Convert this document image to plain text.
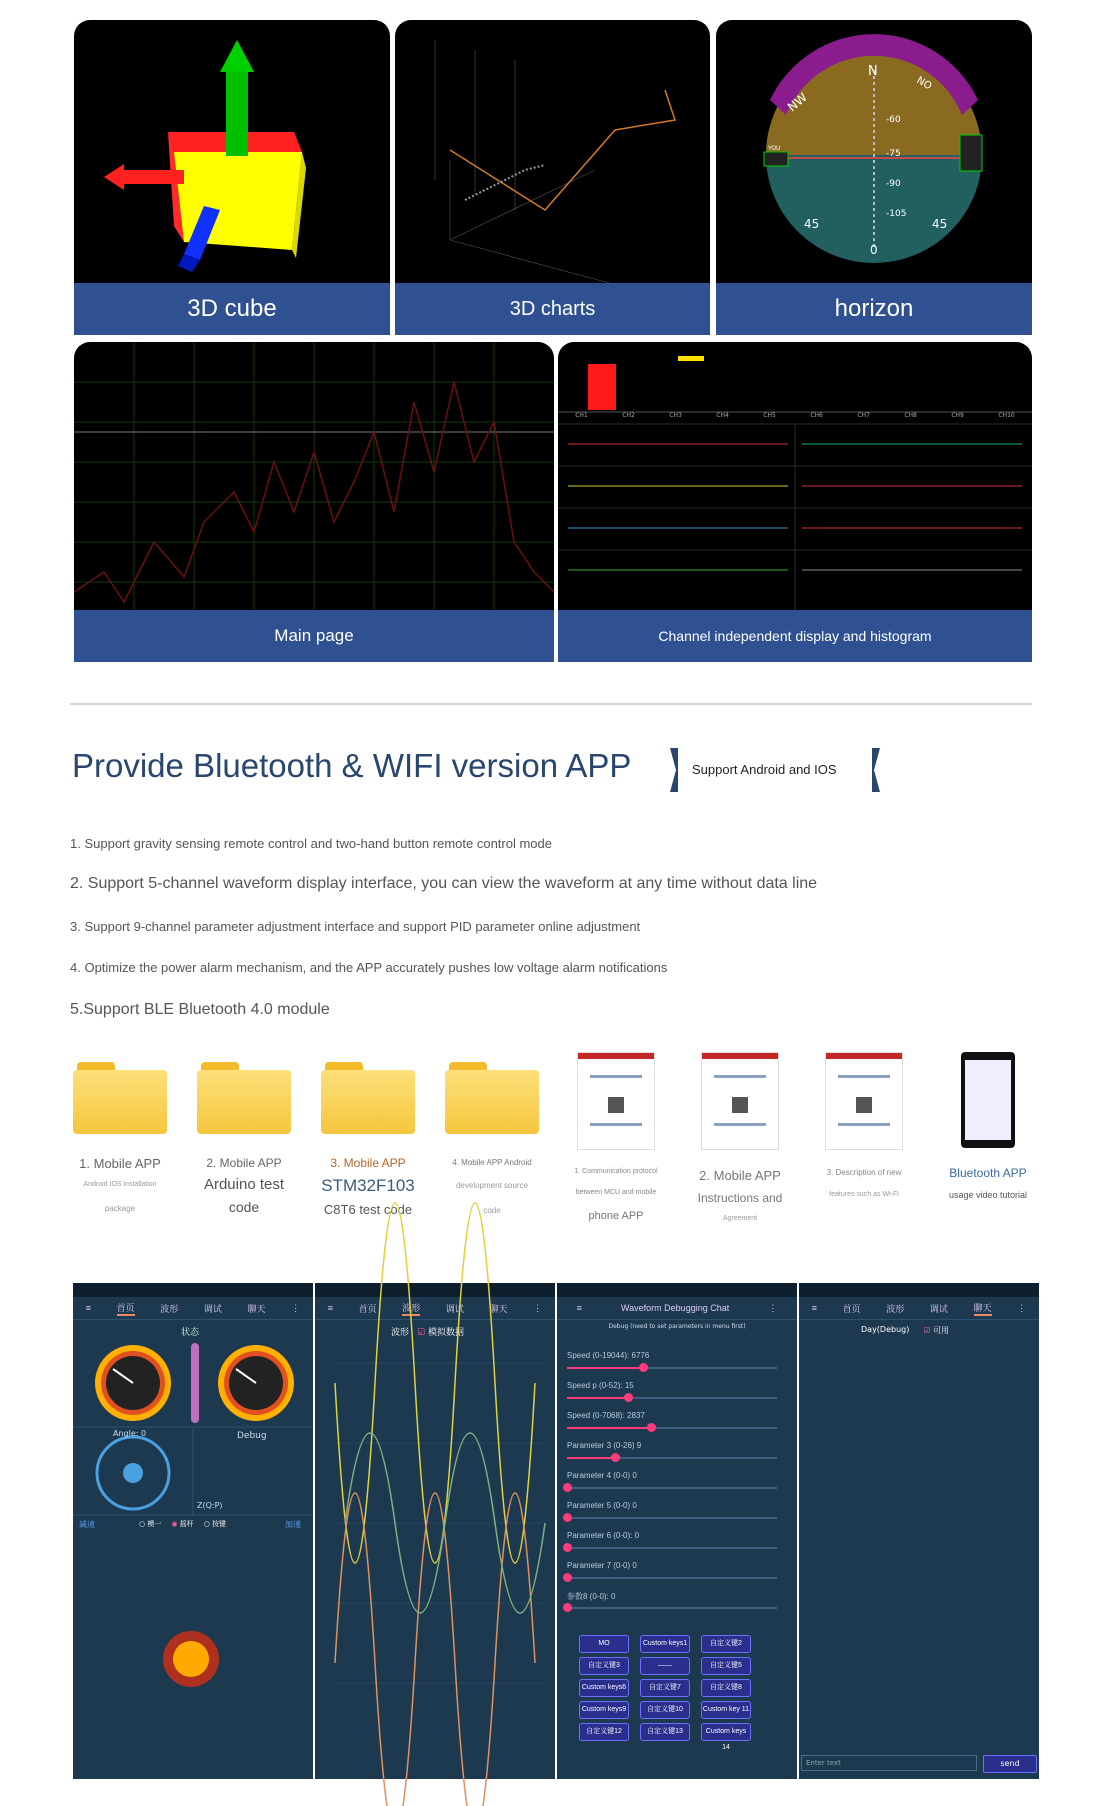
3D cube	3D charts
N
NW
NO
YOU
-60
-75
-90
-105
45
0
45
horizon
Main page
CH1	CH2	CH3	CH4	CH5	CH6	CH7	CH8	CH9	CH10
Channel independent display and histogram
Provide Bluetooth & WIFI version APP	Support Android and IOS
1. Support gravity sensing remote control and two-hand button remote control mode
2. Support 5-channel waveform display interface, you can view the waveform at any time without data line
3. Support 9-channel parameter adjustment interface and support PID parameter online adjustment
4. Optimize the power alarm mechanism, and the APP accurately pushes low voltage alarm notifications
5.Support BLE Bluetooth 4.0 module
1. Mobile APP
Android IOS installation
package
2. Mobile APP
Arduino test
code
3. Mobile APP
STM32F103
C8T6 test code
4. Mobile APP Android
development source
code
1. Communication protocol
between MCU and mobile
phone APP
2. Mobile APP
Instructions and
Agreement
3. Description of new
features such as Wi-Fi
Bluetooth APP
usage video tutorial
≡	首页	波形	调试	聊天	⋮
状态
Angle: 0	Debug
Z(Q:P)
减速	加速
○ 模一 ◉ 摇杆 ○ 按键
≡	首页	波形	调试	聊天	⋮
波形 ☑ 模拟数据
≡	Waveform Debugging Chat	⋮
Debug (need to set parameters in menu first)
Speed (0-19044): 6776
Speed p (0-52): 15
Speed (0-7068): 2837
Parameter 3 (0-26) 9
Parameter 4 (0-0) 0
Parameter 5 (0-0) 0
Parameter 6 (0-0): 0
Parameter 7 (0-0) 0
参数8 (0-0): 0
MO	Custom keys1	自定义键2
自定义键3	——	自定义键5
Custom keys6	自定义键7	自定义键8
Custom keys9	自定义键10	Custom key 11
自定义键12	自定义键13	Custom keys 14
≡	首页	波形	调试	聊天	⋮
Day(Debug) ☑ 可用
Enter text	send
